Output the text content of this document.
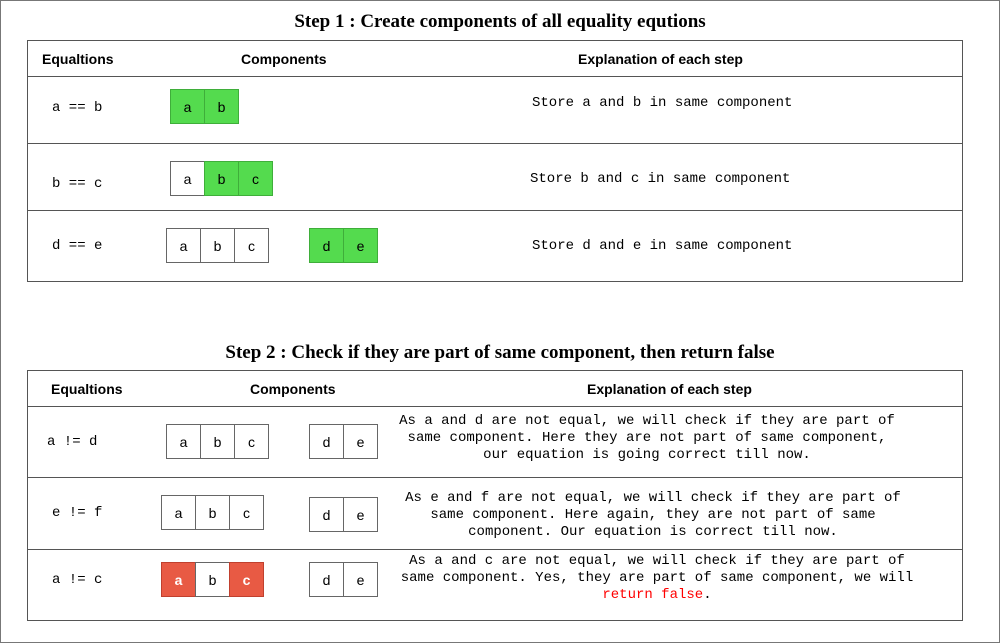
Step 1 : Create components of all equality equtions
Equaltions	Components	Explanation of each step
a == b	a	b	Store a and b in same component
b == c	a	b	c	Store b and c in same component
d == e	a	b	c	d	e	Store d and e in same component
Step 2 : Check if they are part of same component, then return false
Equaltions	Components	Explanation of each step
a != d	a	b	c	d	e
As a and d are not equal, we will check if they are part of
same component. Here they are not part of same component,
our equation is going correct till now.
e != f	a	b	c	d	e
As e and f are not equal, we will check if they are part of
same component. Here again, they are not part of same
component. Our equation is correct till now.
a != c	a	b	c	d	e
As a and c are not equal, we will check if they are part of
same component. Yes, they are part of same component, we will
return false.
